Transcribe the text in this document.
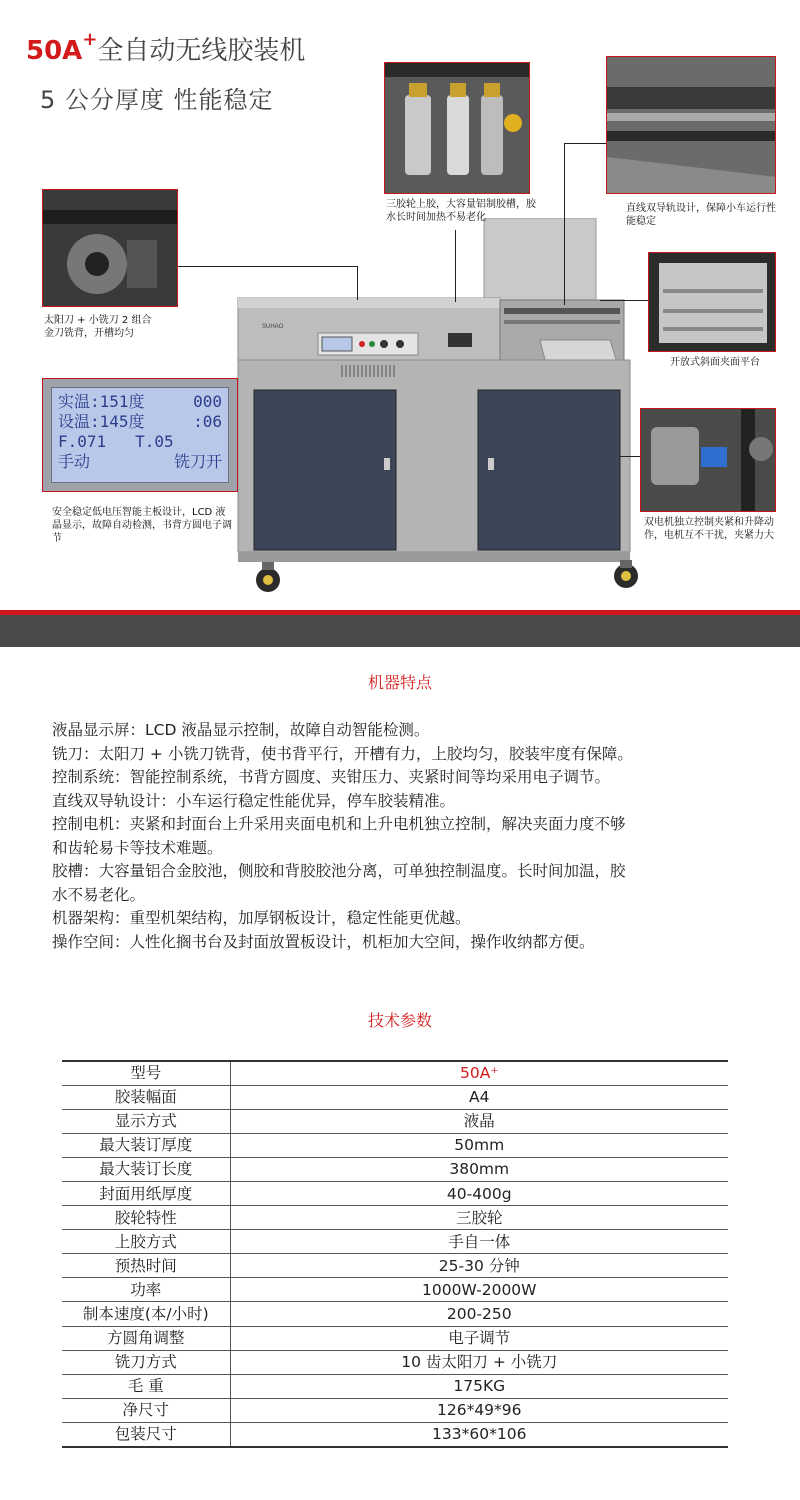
50A+全自动无线胶装机
5 公分厚度 性能稳定
SUHAO
实温:151度	000
设温:145度	:06
F.071   T.05
手动	铣刀开
三胶轮上胶，大容量铝制胶槽，胶水长时间加热不易老化
直线双导轨设计，保障小车运行性能稳定
太阳刀 + 小铣刀 2 组合金刀铣背，开槽均匀
开放式斜面夹面平台
安全稳定低电压智能主板设计，LCD 液晶显示，故障自动检测，书背方圆电子调节
双电机独立控制夹紧和升降动作，电机互不干扰，夹紧力大
机器特点
液晶显示屏：LCD 液晶显示控制，故障自动智能检测。
铣刀：太阳刀 + 小铣刀铣背，使书背平行，开槽有力，上胶均匀，胶装牢度有保障。
控制系统：智能控制系统，书背方圆度、夹钳压力、夹紧时间等均采用电子调节。
直线双导轨设计：小车运行稳定性能优异，停车胶装精准。
控制电机：夹紧和封面台上升采用夹面电机和上升电机独立控制，解决夹面力度不够
和齿轮易卡等技术难题。
胶槽：大容量铝合金胶池，侧胶和背胶胶池分离，可单独控制温度。长时间加温，胶
水不易老化。
机器架构：重型机架结构，加厚钢板设计，稳定性能更优越。
操作空间：人性化搁书台及封面放置板设计，机柜加大空间，操作收纳都方便。
技术参数
型号	50A⁺
胶装幅面	A4
显示方式	液晶
最大装订厚度	50mm
最大装订长度	380mm
封面用纸厚度	40-400g
胶轮特性	三胶轮
上胶方式	手自一体
预热时间	25-30 分钟
功率	1000W-2000W
制本速度(本/小时)	200-250
方圆角调整	电子调节
铣刀方式	10 齿太阳刀 + 小铣刀
毛 重	175KG
净尺寸	126*49*96
包装尺寸	133*60*106
